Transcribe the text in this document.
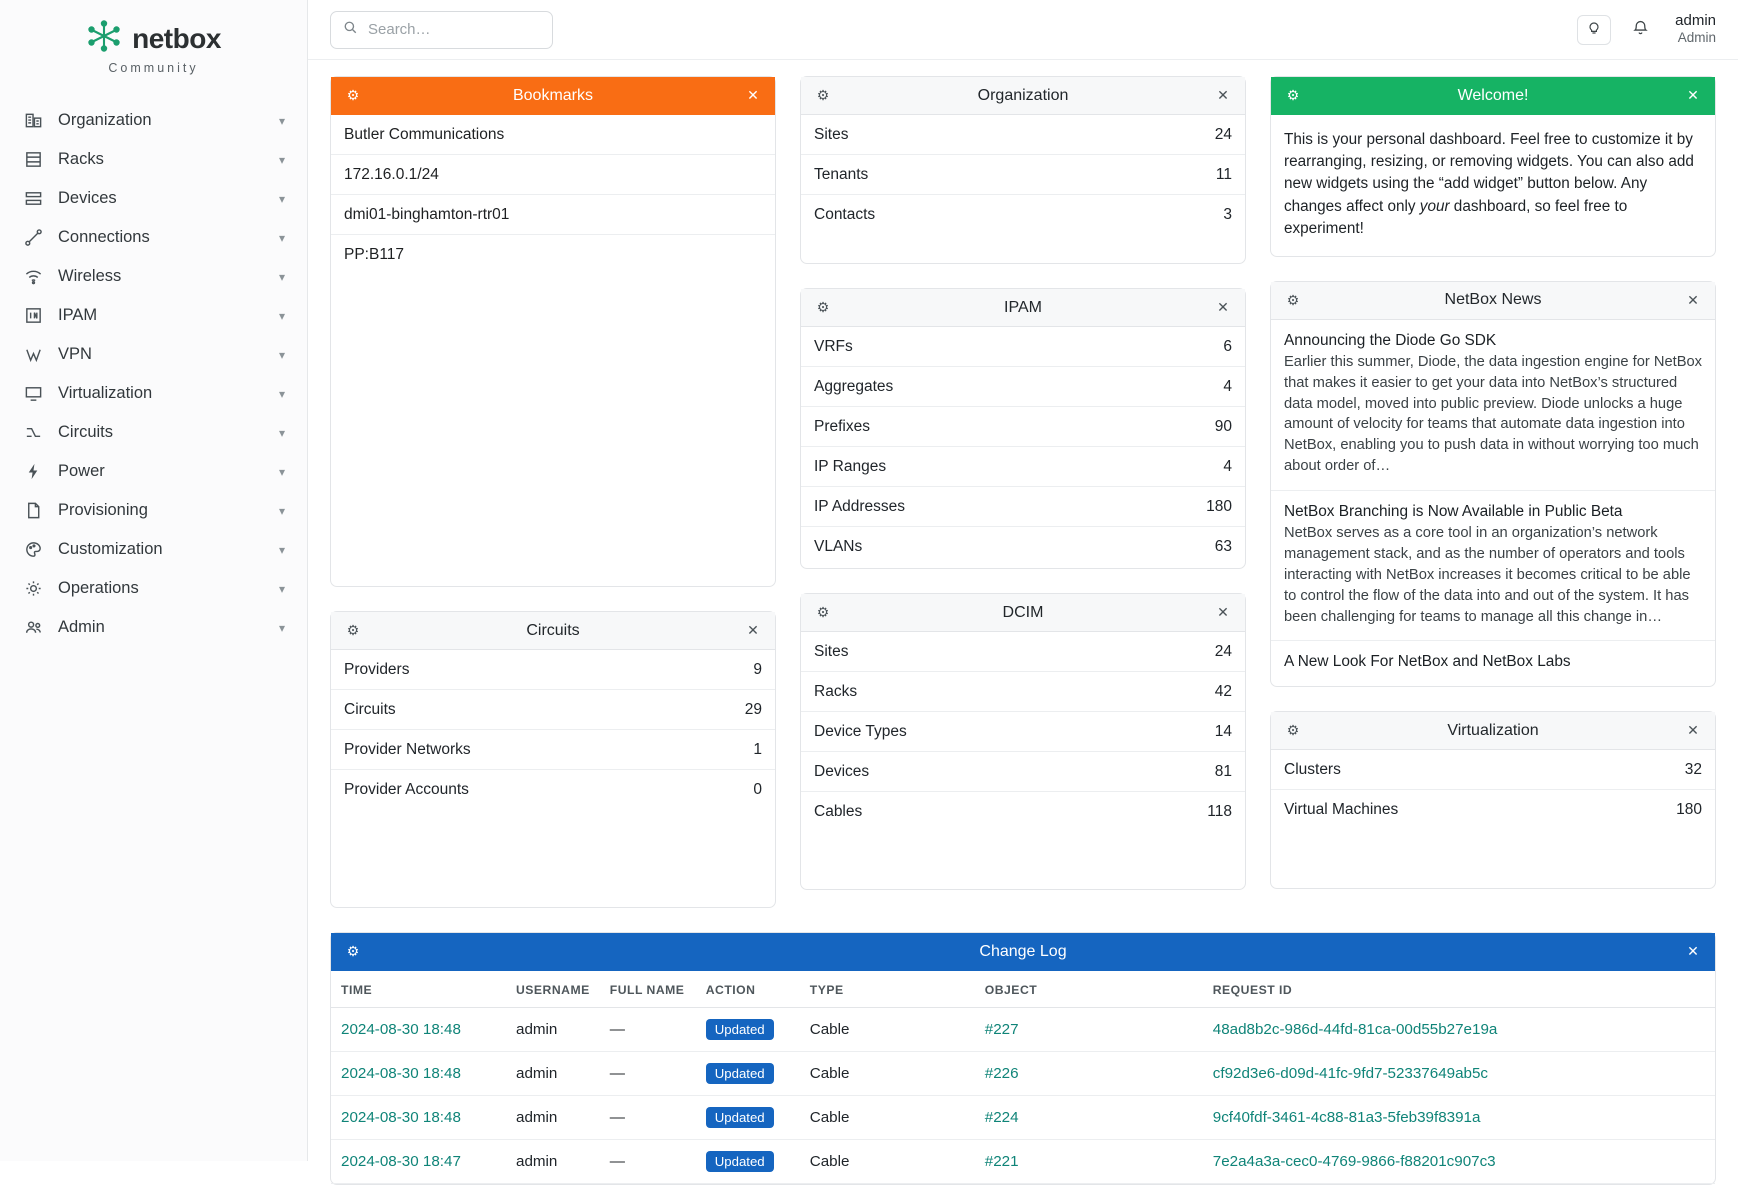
netbox
Community
Organization	▾
Racks	▾
Devices	▾
Connections	▾
Wireless	▾
IPAM	▾
VPN	▾
Virtualization	▾
Circuits	▾
Power	▾
Provisioning	▾
Customization	▾
Operations	▾
Admin	▾
Search…
admin
Admin
⚙	Bookmarks	✕
Butler Communications
172.16.0.1/24
dmi01-binghamton-rtr01
PP:B117
⚙	Circuits	✕
Providers	9
Circuits	29
Provider Networks	1
Provider Accounts	0
⚙	Organization	✕
Sites	24
Tenants	11
Contacts	3
⚙	IPAM	✕
VRFs	6
Aggregates	4
Prefixes	90
IP Ranges	4
IP Addresses	180
VLANs	63
⚙	DCIM	✕
Sites	24
Racks	42
Device Types	14
Devices	81
Cables	118
⚙	Welcome!	✕
This is your personal dashboard. Feel free to customize it by rearranging, resizing, or removing widgets. You can also add new widgets using the “add widget” button below. Any changes affect only your dashboard, so feel free to experiment!
⚙	NetBox News	✕
Announcing the Diode Go SDK
Earlier this summer, Diode, the data ingestion engine for NetBox that makes it easier to get your data into NetBox’s structured data model, moved into public preview. Diode unlocks a huge amount of velocity for teams that automate data ingestion into NetBox, enabling you to push data in without worrying too much about order of…
NetBox Branching is Now Available in Public Beta
NetBox serves as a core tool in an organization’s network management stack, and as the number of operators and tools interacting with NetBox increases it becomes critical to be able to control the flow of the data into and out of the system. It has been challenging for teams to manage all this change in…
A New Look For NetBox and NetBox Labs
⚙	Virtualization	✕
Clusters	32
Virtual Machines	180
⚙	Change Log	✕
TIME	USERNAME	FULL NAME	ACTION	TYPE	OBJECT	REQUEST ID
2024-08-30 18:48	admin	—	Updated	Cable	#227	48ad8b2c-986d-44fd-81ca-00d55b27e19a
2024-08-30 18:48	admin	—	Updated	Cable	#226	cf92d3e6-d09d-41fc-9fd7-52337649ab5c
2024-08-30 18:48	admin	—	Updated	Cable	#224	9cf40fdf-3461-4c88-81a3-5feb39f8391a
2024-08-30 18:47	admin	—	Updated	Cable	#221	7e2a4a3a-cec0-4769-9866-f88201c907c3
